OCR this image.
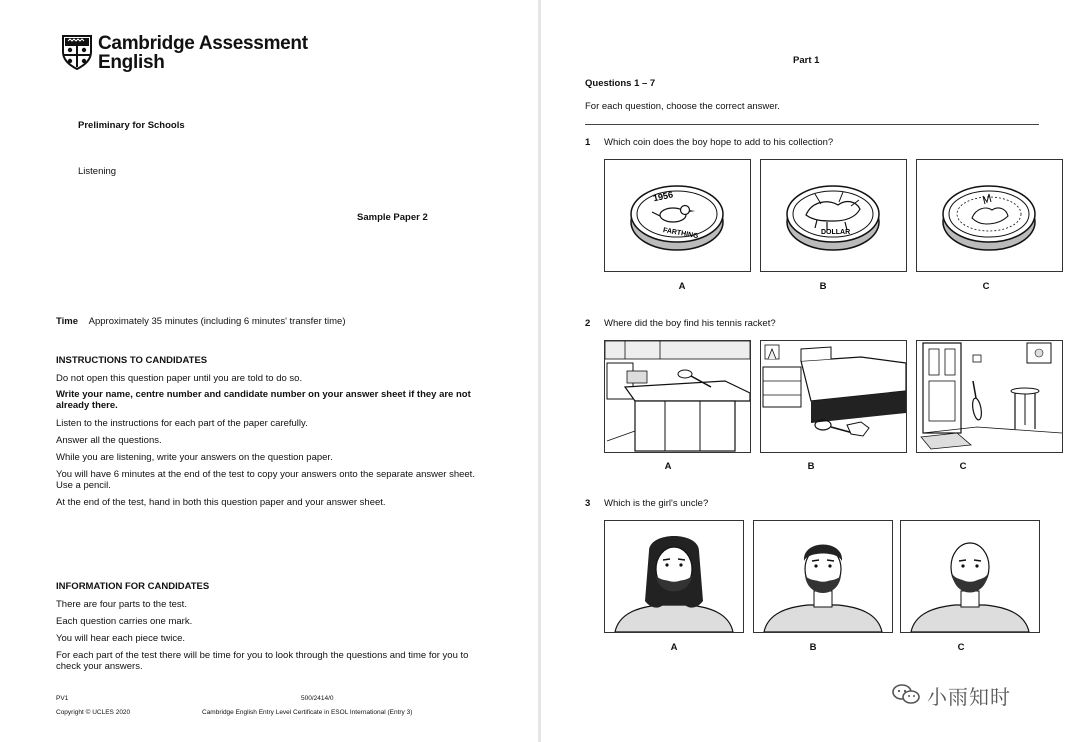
Cambridge Assessment
English
Preliminary for Schools
Listening
Sample Paper 2
Time Approximately 35 minutes (including 6 minutes' transfer time)
INSTRUCTIONS TO CANDIDATES
Do not open this question paper until you are told to do so.
Write your name, centre number and candidate number on your answer sheet if they are not already there.
Listen to the instructions for each part of the paper carefully.
Answer all the questions.
While you are listening, write your answers on the question paper.
You will have 6 minutes at the end of the test to copy your answers onto the separate answer sheet. Use a pencil.
At the end of the test, hand in both this question paper and your answer sheet.
INFORMATION FOR CANDIDATES
There are four parts to the test.
Each question carries one mark.
You will hear each piece twice.
For each part of the test there will be time for you to look through the questions and time for you to check your answers.
PV1	500/2414/0
Copyright © UCLES 2020	Cambridge English Entry Level Certificate in ESOL International (Entry 3)
Part 1
Questions 1 – 7
For each question, choose the correct answer.
1 Which coin does the boy hope to add to his collection?
1956
FARTHING
A
DOLLAR
B	C
2 Where did the boy find his tennis racket?
A	B	C
3 Which is the girl's uncle?
A	B	C
小雨知时
